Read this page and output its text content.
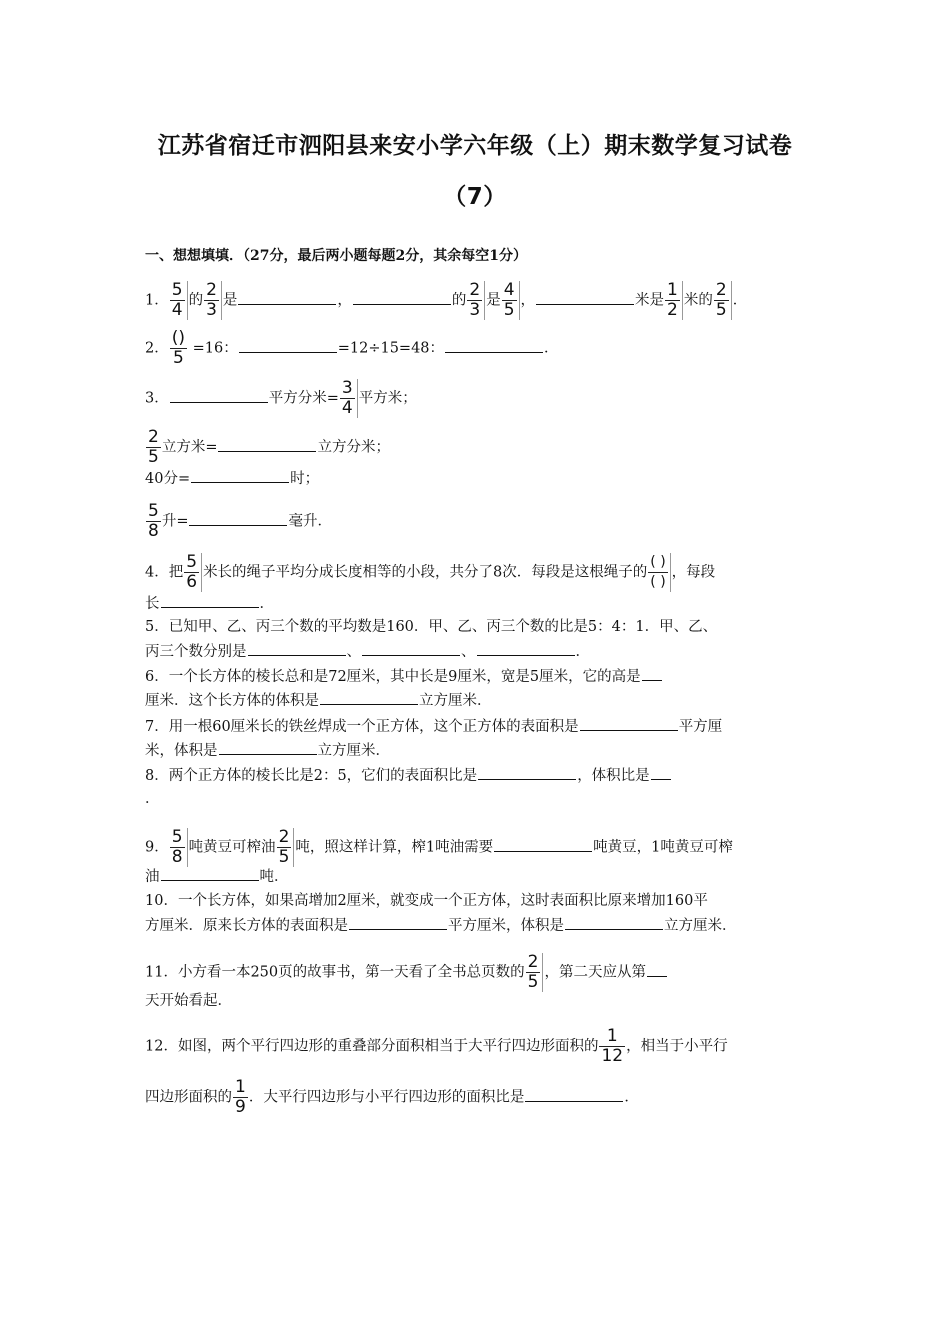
江苏省宿迁市泗阳县来安小学六年级（上）期末数学复习试卷
（7）
一、想想填填．（27分，最后两小题每题2分，其余每空1分）
1． $\frac{5}{4}$ 的 $\frac{2}{3}$ 是	，	的 $\frac{2}{3}$ 是 $\frac{4}{5}$ ，	米是 $\frac{1}{2}$ 米的 $\frac{2}{5}$ ．
2． $\frac{()}{5} =16$：	=12÷15=48：	．
3．	平方分米= $\frac{3}{4}$ 平方米；
$\frac{2}{5}$ 立方米=	立方分米；
40分=	时；
$\frac{5}{8}$ 升=	毫升．
4．把 $\frac{5}{6}$ 米长的绳子平均分成长度相等的小段，共分了8次．每段是这根绳子的 $\frac{( )}{( )}$ ，每段
长	．
5．已知甲、乙、丙三个数的平均数是160．甲、乙、丙三个数的比是5：4：1．甲、乙、
丙三个数分别是	、	、	．
6．一个长方体的棱长总和是72厘米，其中长是9厘米，宽是5厘米，它的高是
厘米．这个长方体的体积是	立方厘米．
7．用一根60厘米长的铁丝焊成一个正方体，这个正方体的表面积是	平方厘
米，体积是	立方厘米．
8．两个正方体的棱长比是2：5，它们的表面积比是	，体积比是
．
9． $\frac{5}{8}$ 吨黄豆可榨油 $\frac{2}{5}$ 吨，照这样计算，榨1吨油需要	吨黄豆，1吨黄豆可榨
油	吨．
10．一个长方体，如果高增加2厘米，就变成一个正方体，这时表面积比原来增加160平
方厘米．原来长方体的表面积是	平方厘米，体积是	立方厘米．
11．小方看一本250页的故事书，第一天看了全书总页数的 $\frac{2}{5}$ ，第二天应从第
天开始看起．
12．如图，两个平行四边形的重叠部分面积相当于大平行四边形面积的 $\frac{1}{12}$ ，相当于小平行
四边形面积的 $\frac{1}{9}$ ．大平行四边形与小平行四边形的面积比是	．
